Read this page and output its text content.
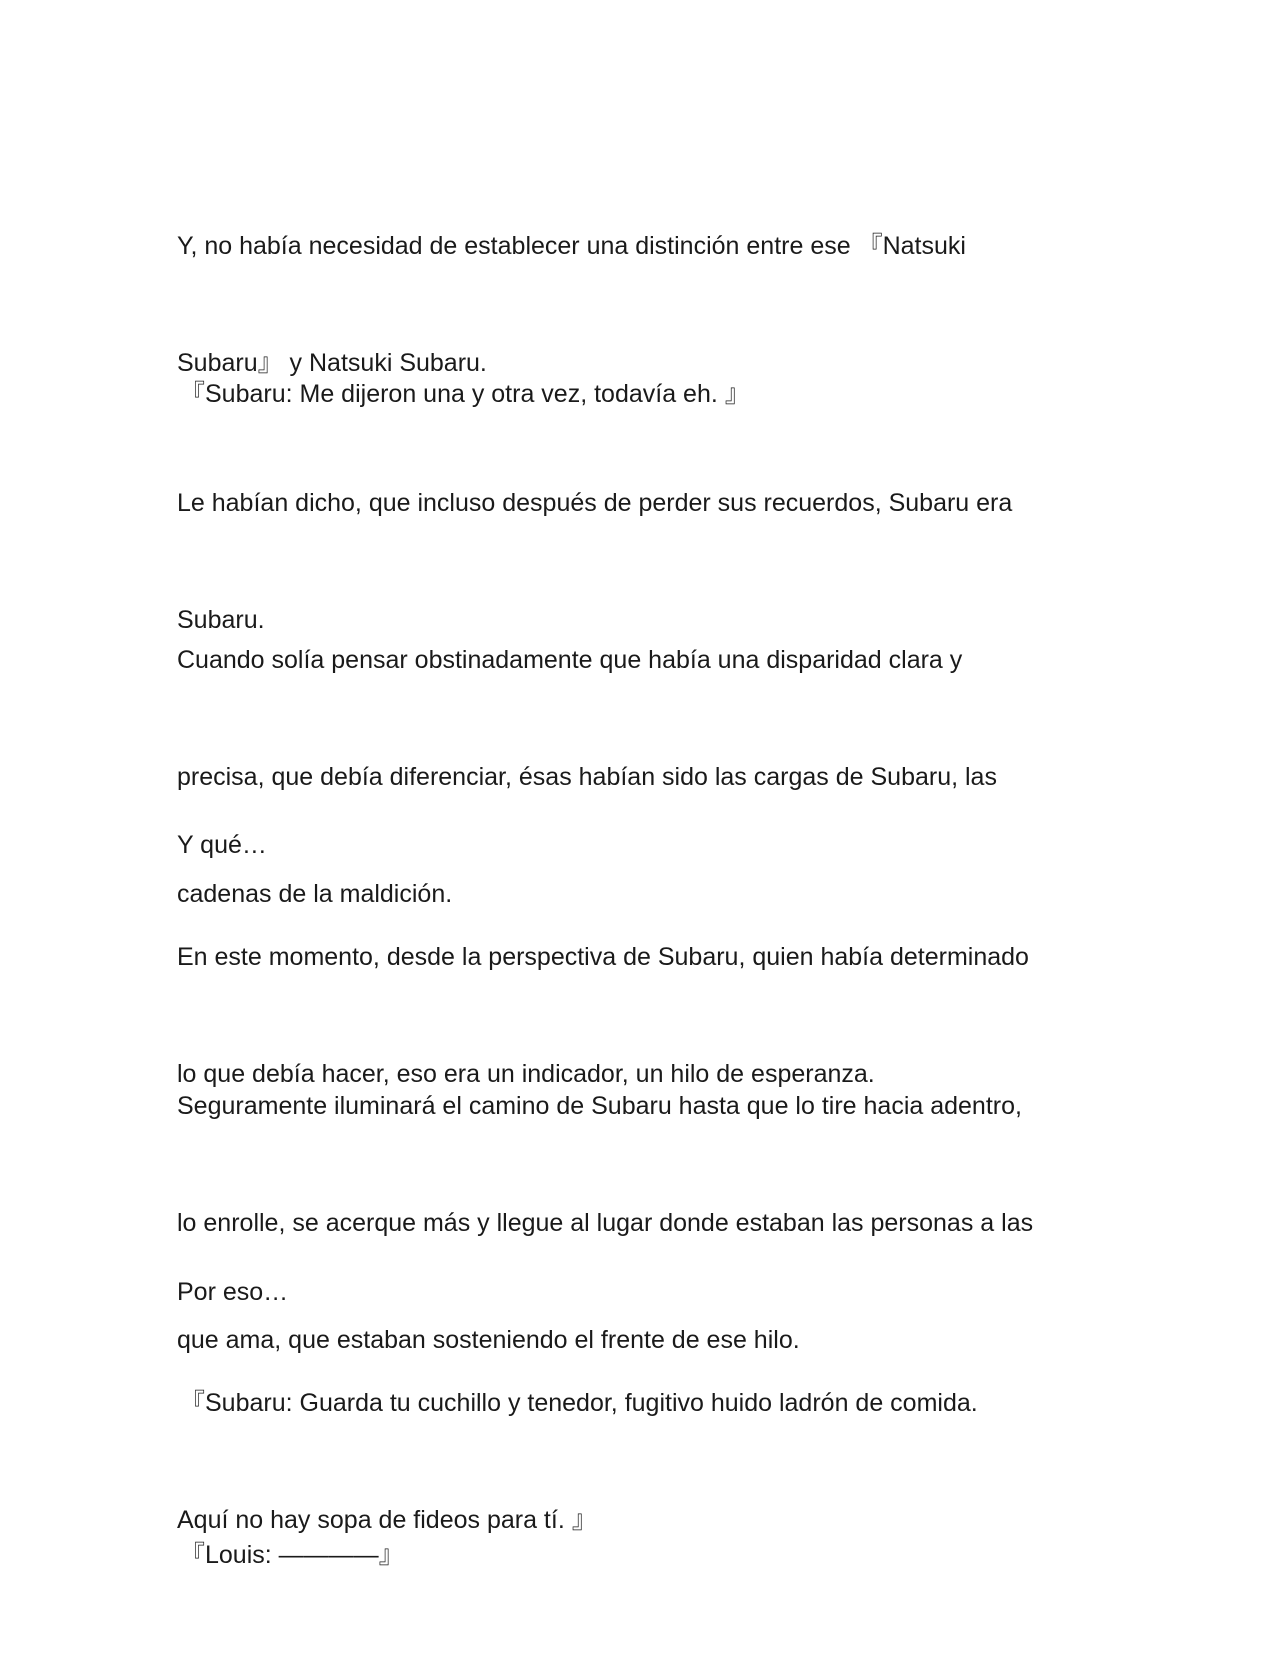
Y, no había necesidad de establecer una distinción entre ese 『Natsuki

Subaru』 y Natsuki Subaru.

『Subaru: Me dijeron una y otra vez, todavía eh. 』

Le habían dicho, que incluso después de perder sus recuerdos, Subaru era

Subaru.

Cuando solía pensar obstinadamente que había una disparidad clara y

precisa, que debía diferenciar, ésas habían sido las cargas de Subaru, las

cadenas de la maldición.

Y qué…

En este momento, desde la perspectiva de Subaru, quien había determinado

lo que debía hacer, eso era un indicador, un hilo de esperanza.

Seguramente iluminará el camino de Subaru hasta que lo tire hacia adentro,

lo enrolle, se acerque más y llegue al lugar donde estaban las personas a las

que ama, que estaban sosteniendo el frente de ese hilo.

Por eso…

『Subaru: Guarda tu cuchillo y tenedor, fugitivo huido ladrón de comida.

Aquí no hay sopa de fideos para tí. 』

『Louis: ————』
